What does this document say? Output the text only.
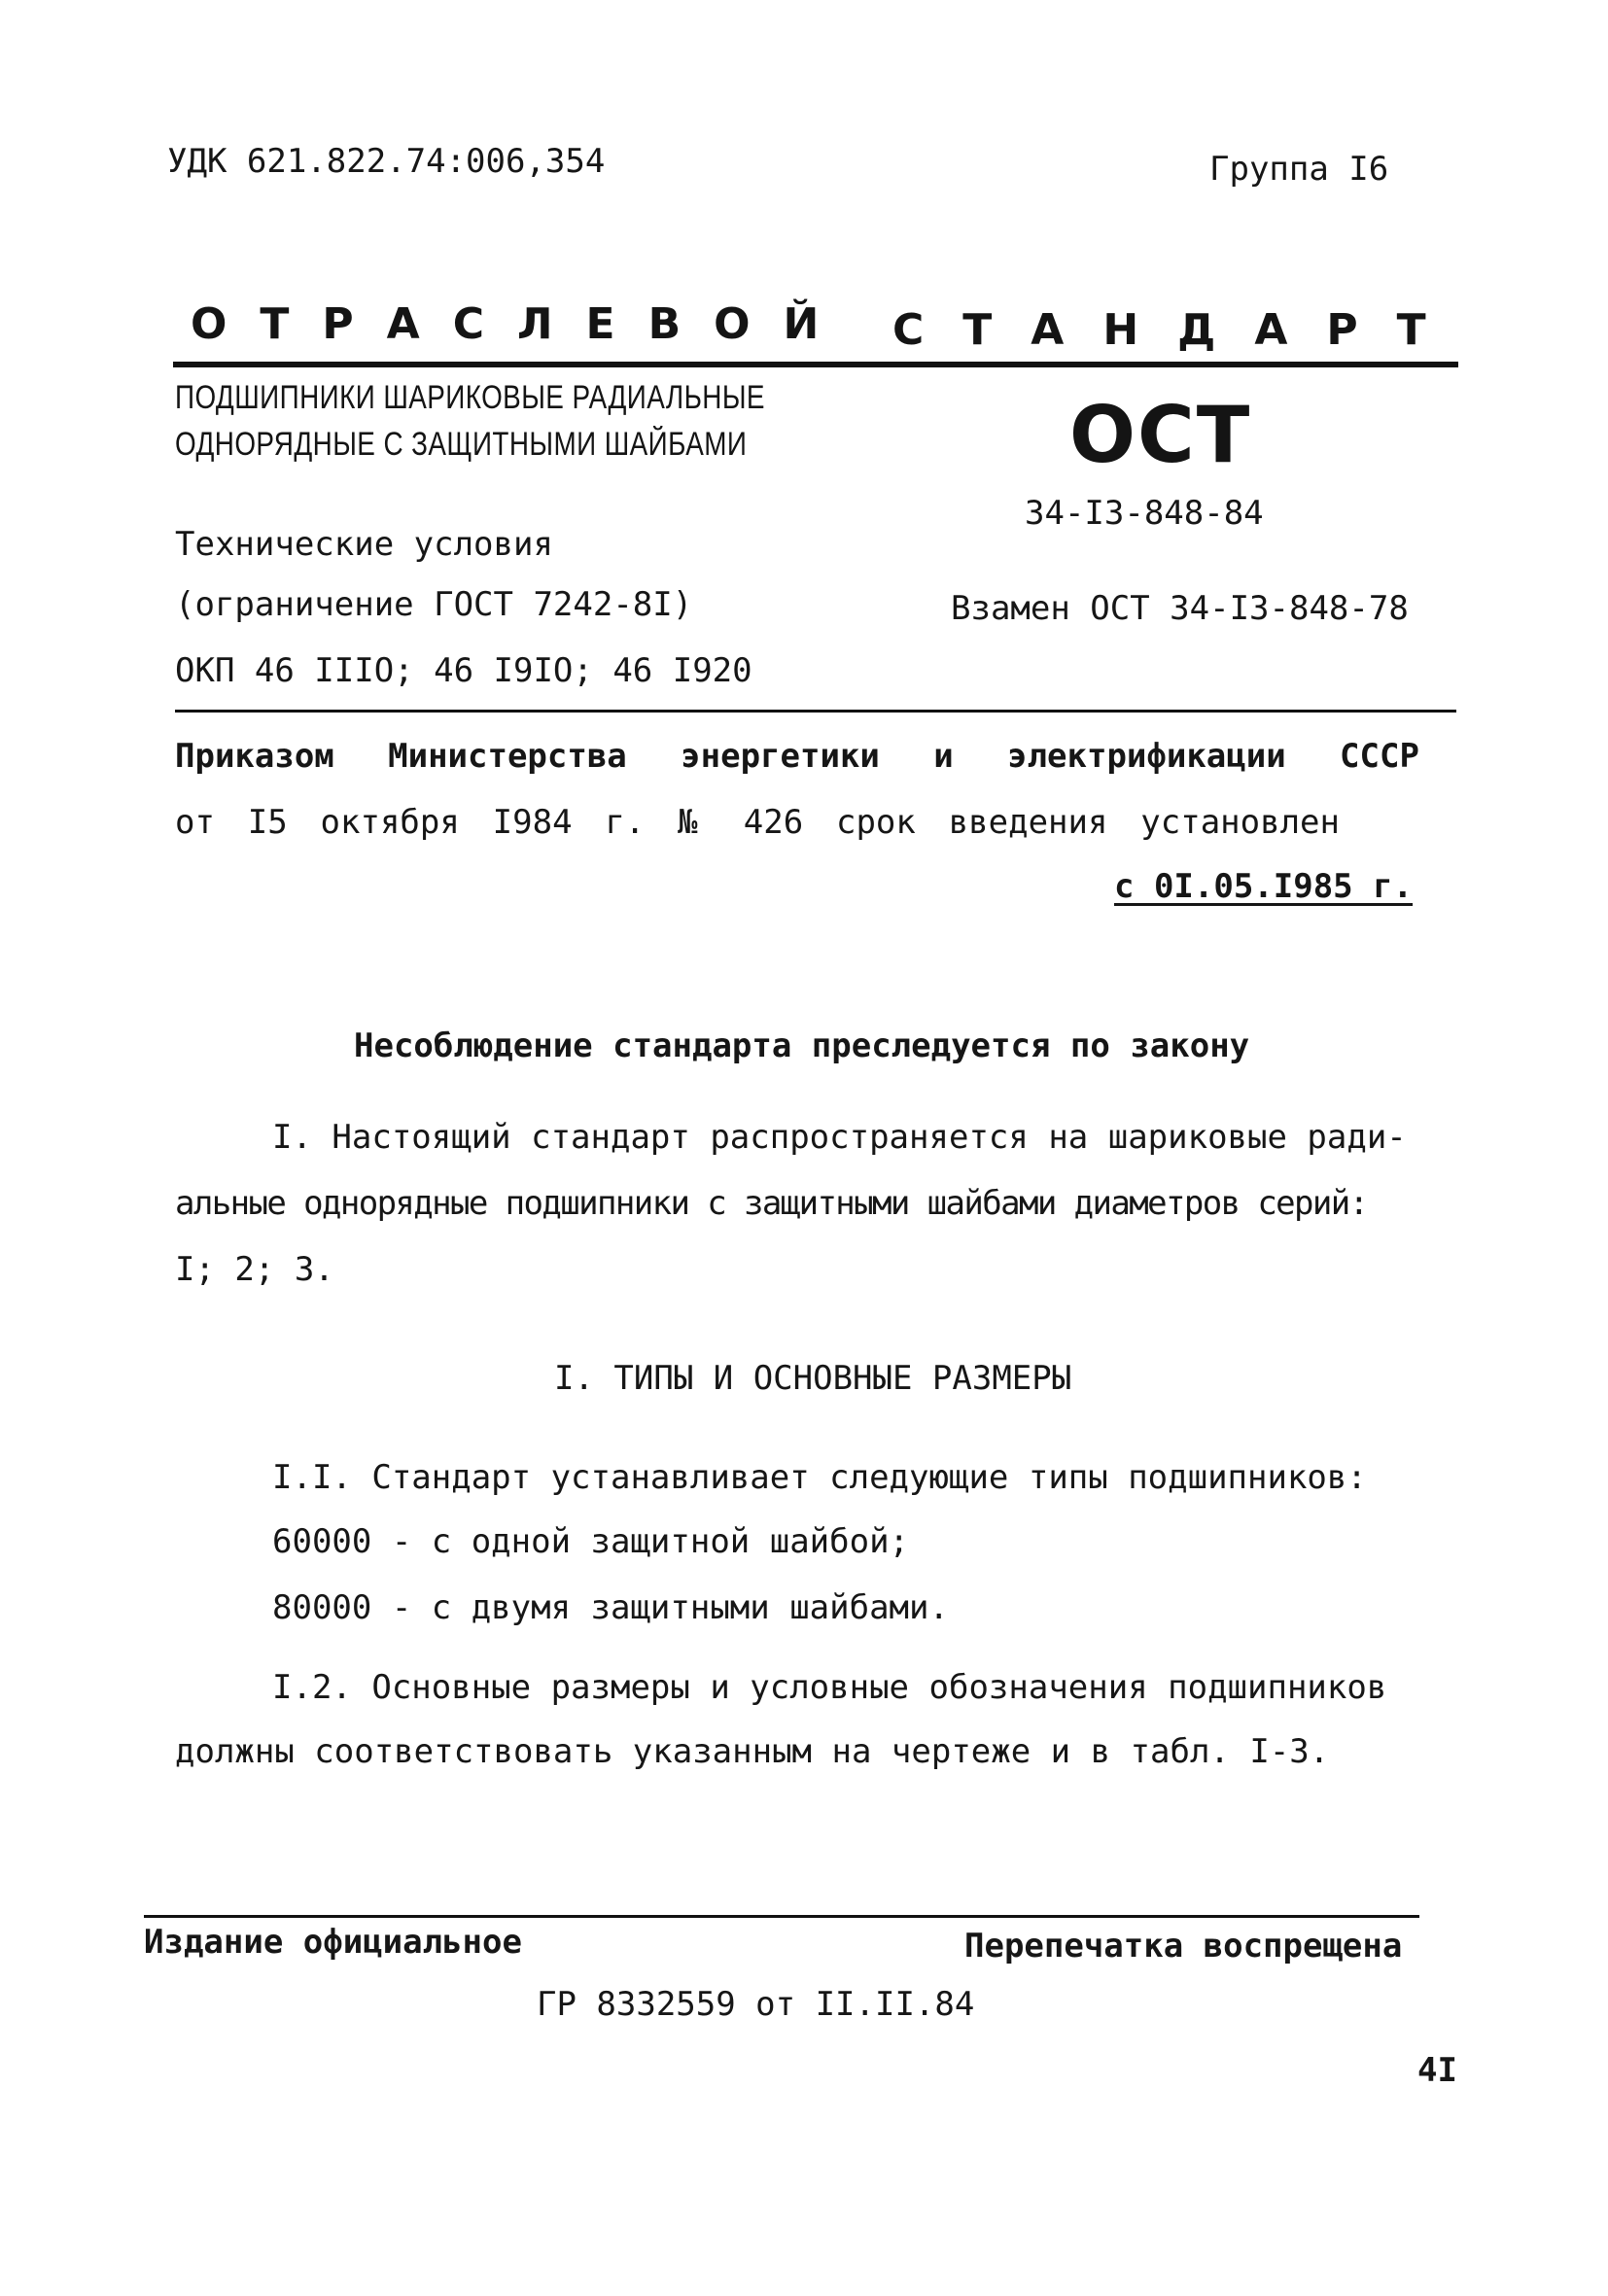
УДК 621.822.74:006,354	Группа I6
ОТРАСЛЕВОЙ СТАНДАРТ
ПОДШИПНИКИ ШАРИКОВЫЕ РАДИАЛЬНЫЕ
ОДНОРЯДНЫЕ С ЗАЩИТНЫМИ ШАЙБАМИ
Технические условия
(ограничение ГОСТ 7242-8I)
ОКП 46 IIIO; 46 I9IO; 46 I920
ОСТ
34-I3-848-84
Взамен ОСТ 34-I3-848-78
Приказом Министерства энергетики и электрификации СССР
от I5 октября I984 г. № 426 срок введения установлен
с 0I.05.I985 г.
Несоблюдение стандарта преследуется по закону
I. Настоящий стандарт распространяется на шариковые ради-
альные однорядные подшипники с защитными шайбами диаметров серий:
I; 2; 3.
I. ТИПЫ И ОСНОВНЫЕ РАЗМЕРЫ
I.I. Стандарт устанавливает следующие типы подшипников:
60000 - с одной защитной шайбой;
80000 - с двумя защитными шайбами.
I.2. Основные размеры и условные обозначения подшипников
должны соответствовать указанным на чертеже и в табл. I-3.
Издание официальное	Перепечатка воспрещена
ГР 8332559 от II.II.84
4I
